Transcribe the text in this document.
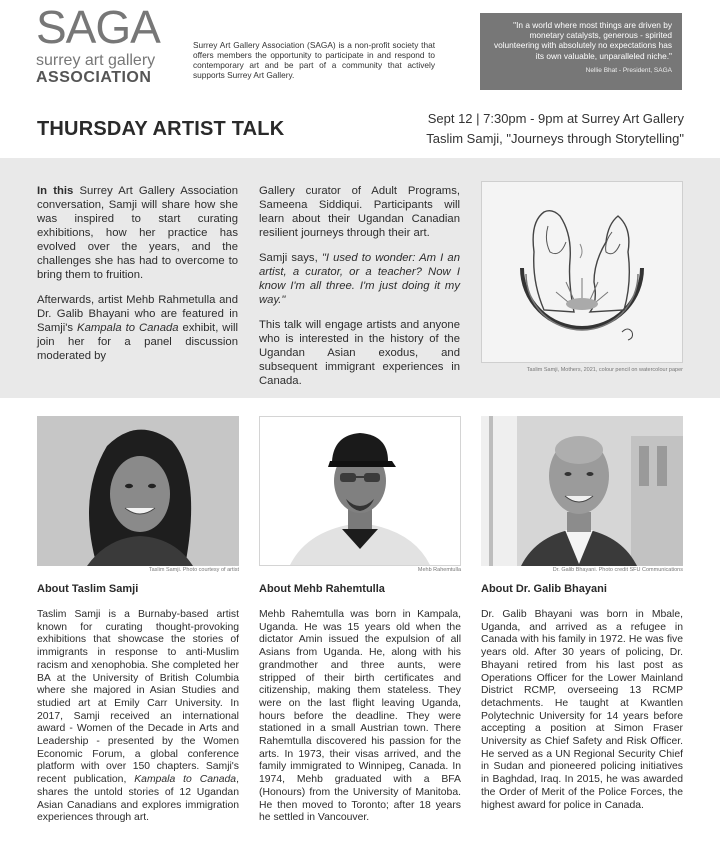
SAGA
surrey art gallery
ASSOCIATION
Surrey Art Gallery Association (SAGA) is a non-profit society that offers members the opportunity to participate in and respond to contemporary art and be part of a community that actively supports Surrey Art Gallery.
"In a world where most things are driven by monetary catalysts, generous - spirited volunteering with absolutely no expectations has its own valuable, unparalleled niche."
Nellie Bhat - President, SAGA
THURSDAY ARTIST TALK	Sept 12 | 7:30pm - 9pm at Surrey Art Gallery
Taslim Samji, "Journeys through Storytelling"

In this Surrey Art Gallery Association conversation, Samji will share how she was inspired to start curating exhibitions, how her practice has evolved over the years, and the challenges she has had to overcome to bring them to fruition.

Afterwards, artist Mehb Rahmetulla and Dr. Galib Bhayani who are featured in Samji's Kampala to Canada exhibit, will join her for a panel discussion moderated by

Gallery curator of Adult Programs, Sameena Siddiqui. Participants will learn about their Ugandan Canadian resilient journeys through their art.

Samji says, "I used to wonder: Am I an artist, a curator, or a teacher? Now I know I'm all three. I'm just doing it my way."

This talk will engage artists and anyone who is interested in the history of the Ugandan Asian exodus, and subsequent immigrant experiences in Canada.

Taslim Samji, Mothers, 2021, colour pencil on watercolour paper
Taslim Samji. Photo courtesy of artist	Mehb Rahemtulla	Dr. Galib Bhayani. Photo credit SFU Communications
About Taslim Samji
Taslim Samji is a Burnaby-based artist known for curating thought-provoking exhibitions that showcase the stories of immigrants in response to anti-Muslim racism and xenophobia. She completed her BA at the University of British Columbia where she majored in Asian Studies and studied art at Emily Carr University. In 2017, Samji received an international award - Women of the Decade in Arts and Leadership - presented by the Women Economic Forum, a global conference platform with over 150 chapters. Samji's recent publication, Kampala to Canada, shares the untold stories of 12 Ugandan Asian Canadians and explores immigration experiences through art.
About Mehb Rahemtulla
Mehb Rahemtulla was born in Kampala, Uganda. He was 15 years old when the dictator Amin issued the expulsion of all Asians from Uganda. He, along with his grandmother and three aunts, were stripped of their birth certificates and citizenship, making them stateless. They were on the last flight leaving Uganda, hours before the deadline. They were stationed in a small Austrian town. There Rahemtulla discovered his passion for the arts. In 1973, their visas arrived, and the family immigrated to Winnipeg, Canada. In 1974, Mehb graduated with a BFA (Honours) from the University of Manitoba. He then moved to Toronto; after 18 years he settled in Vancouver.
About Dr. Galib Bhayani
Dr. Galib Bhayani was born in Mbale, Uganda, and arrived as a refugee in Canada with his family in 1972. He was five years old. After 30 years of policing, Dr. Bhayani retired from his last post as Operations Officer for the Lower Mainland District RCMP, overseeing 13 RCMP detachments. He taught at Kwantlen Polytechnic University for 14 years before accepting a position at Simon Fraser University as Chief Safety and Risk Officer. He served as a UN Regional Security Chief in Sudan and pioneered policing initiatives in Baghdad, Iraq. In 2015, he was awarded the Order of Merit of the Police Forces, the highest award for police in Canada.
